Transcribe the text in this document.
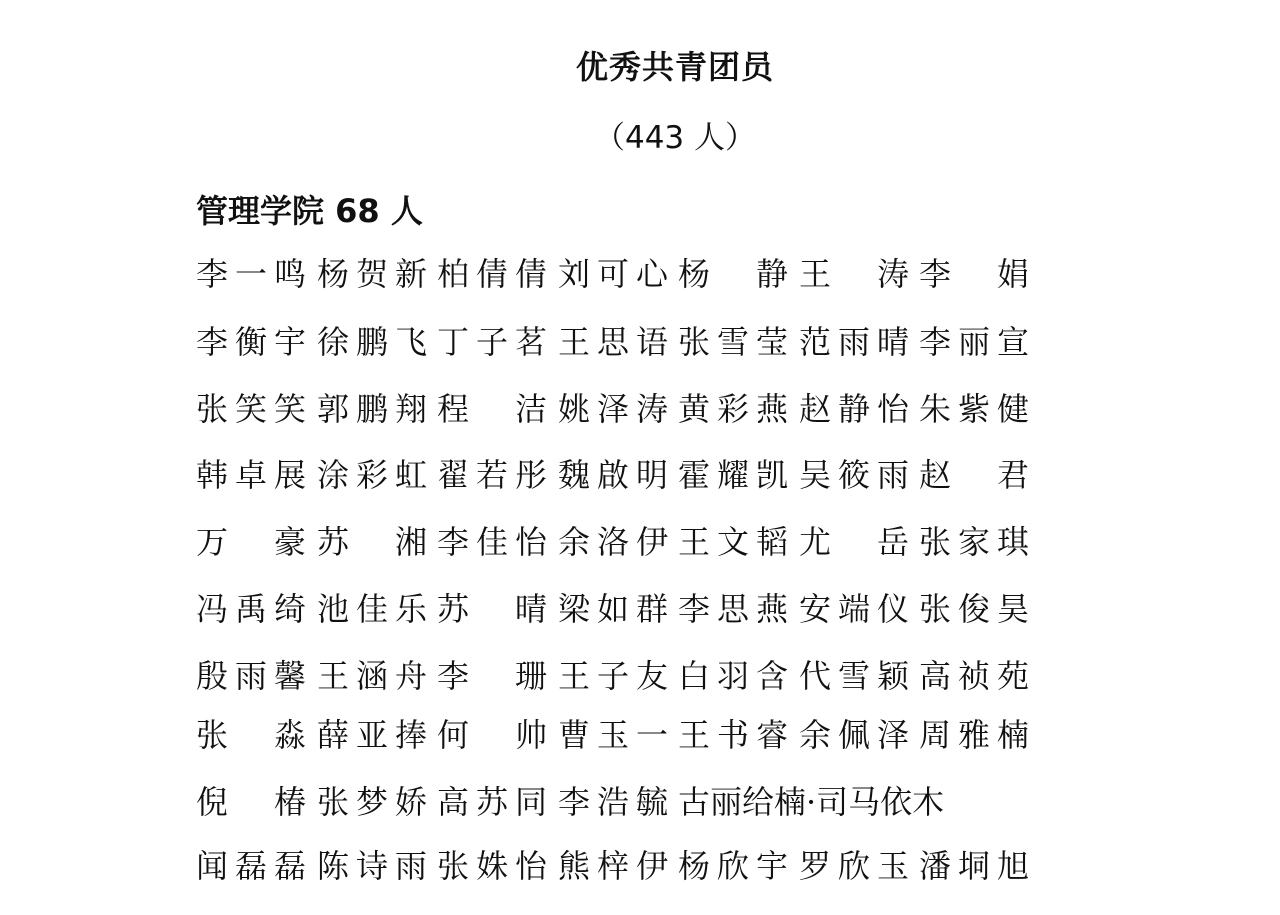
优秀共青团员
（443 人）
管理学院 68 人
李 一 鸣 杨 贺 新 柏 倩 倩 刘 可 心 杨 静 王 涛 李 娟
李 衡 宇 徐 鹏 飞 丁 子 茗 王 思 语 张 雪 莹 范 雨 晴 李 丽 宣
张 笑 笑 郭 鹏 翔 程 洁 姚 泽 涛 黄 彩 燕 赵 静 怡 朱 紫 健
韩 卓 展 涂 彩 虹 翟 若 彤 魏 啟 明 霍 耀 凯 吴 筱 雨 赵 君
万 豪 苏 湘 李 佳 怡 余 洛 伊 王 文 韬 尤 岳 张 家 琪
冯 禹 绮 池 佳 乐 苏 晴 梁 如 群 李 思 燕 安 端 仪 张 俊 昊
殷 雨 馨 王 涵 舟 李 珊 王 子 友 白 羽 含 代 雪 颖 高 祯 苑
张 淼 薛 亚 捧 何 帅 曹 玉 一 王 书 睿 余 佩 泽 周 雅 楠
倪 椿 张 梦 娇 高 苏 同 李 浩 毓 古丽给楠·司马依木
闻 磊 磊 陈 诗 雨 张 姝 怡 熊 梓 伊 杨 欣 宇 罗 欣 玉 潘 垌 旭
